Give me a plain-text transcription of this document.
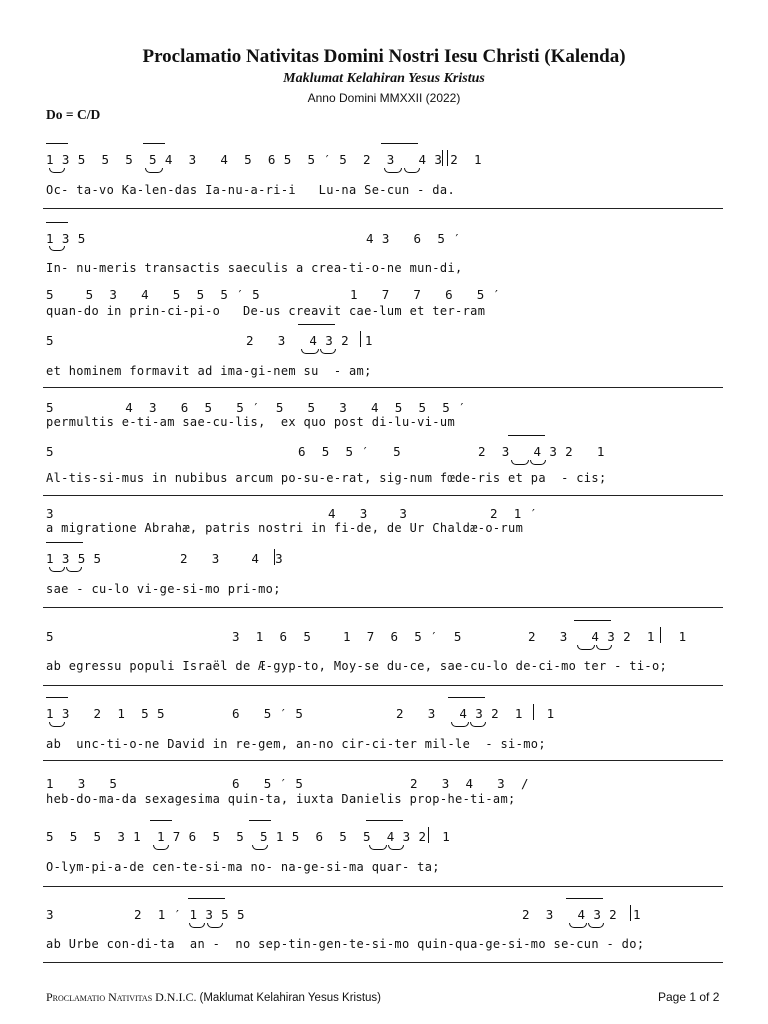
Proclamatio Nativitas Domini Nostri Iesu Christi (Kalenda)
Maklumat Kelahiran Yesus Kristus
Anno Domini MMXXII (2022)
Do = C/D
1 3 5  5  5  5 4  3   4  5  6 5  5 ′ 5  2  3   4 3 2  1
Oc- ta-vo Ka-len-das Ia-nu-a-ri-i   Lu-na Se-cun - da.
1 3 5	4 3   6  5 ′
In- nu-meris transactis saeculis a crea-ti-o-ne mun-di,
5    5  3   4   5  5  5 ′ 5	1   7   7   6   5 ′
quan-do in prin-ci-pi-o   De-us creavit cae-lum et ter-ram
5	2   3   4 3 2  1
et hominem formavit ad ima-gi-nem su  - am;
5         4  3   6  5   5 ′  5   5   3   4  5  5  5 ′
permultis e-ti-am sae-cu-lis,  ex quo post di-lu-vi-um
5	6  5  5 ′   5	2  3   4 3 2   1
Al-tis-si-mus in nubibus arcum po-su-e-rat, sig-num fœde-ris et pa  - cis;
3	4   3    3	2  1 ′
a migratione Abrahæ, patris nostri in fi-de, de Ur Chaldæ-o-rum
1 3 5 5	2   3    4  3
sae - cu-lo vi-ge-si-mo pri-mo;
5	3  1  6  5    1  7  6  5 ′  5	2   3   4 3 2  1   1
ab egressu populi Israël de Æ-gyp-to, Moy-se du-ce, sae-cu-lo de-ci-mo ter - ti-o;
1 3   2  1  5 5	6   5 ′ 5	2   3   4 3 2  1   1
ab  unc-ti-o-ne David in re-gem, an-no cir-ci-ter mil-le  - si-mo;
1   3   5	6   5 ′ 5	2   3  4   3  /
heb-do-ma-da sexagesima quin-ta, iuxta Danielis prop-he-ti-am;
5  5  5  3 1  1 7 6  5  5  5 1 5  6  5  5  4 3 2  1
O-lym-pi-a-de cen-te-si-ma no- na-ge-si-ma quar- ta;
3	2  1 ′ 1 3 5 5	2  3   4 3 2  1
ab Urbe con-di-ta  an -  no sep-tin-gen-te-si-mo quin-qua-ge-si-mo se-cun - do;
Proclamatio Nativitas D.N.I.C. (Maklumat Kelahiran Yesus Kristus)	Page 1 of 2
